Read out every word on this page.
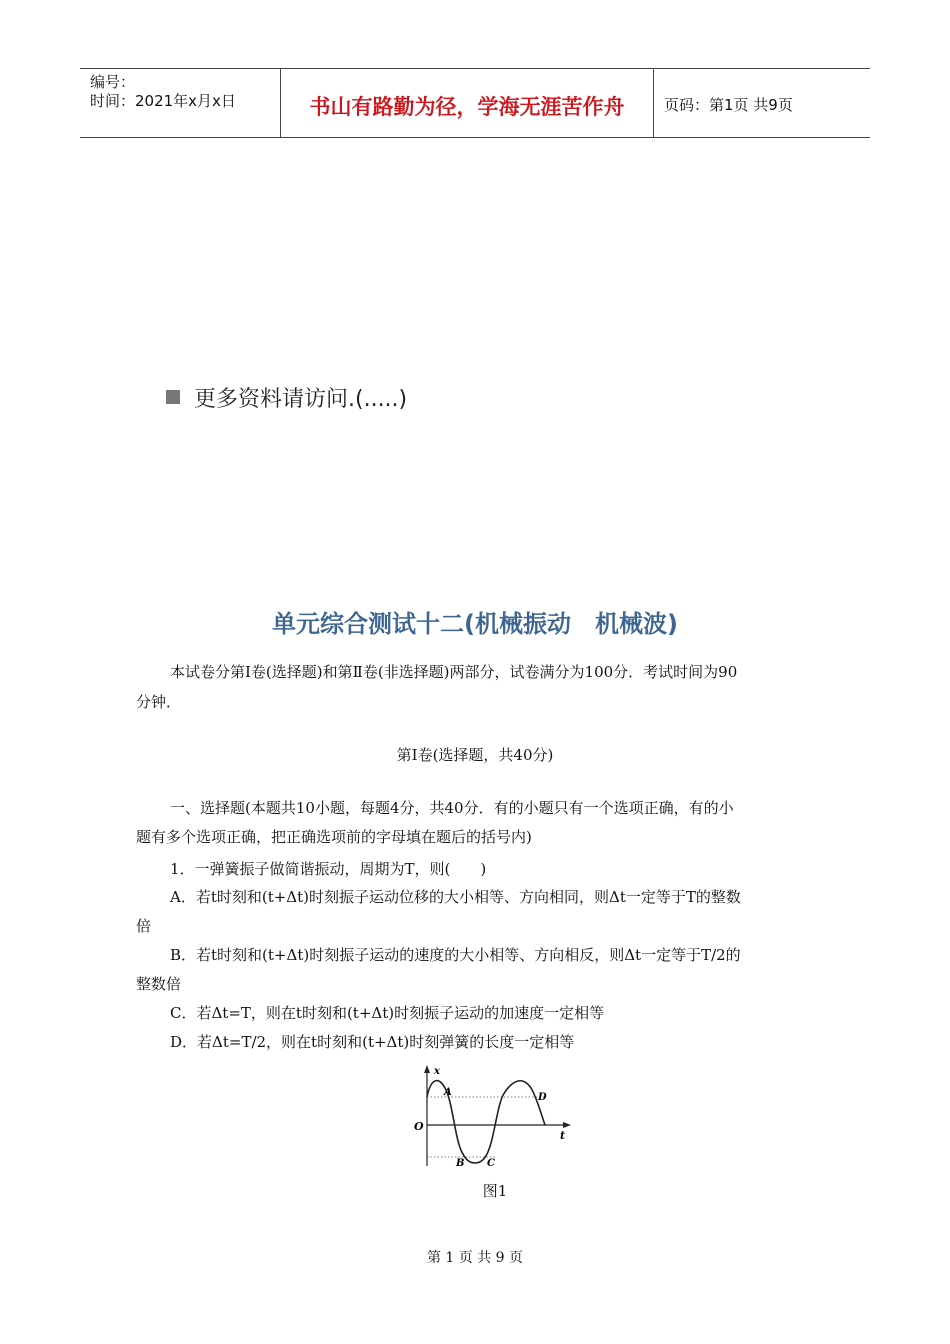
编号：
时间：2021年x月x日	书山有路勤为径，学海无涯苦作舟	页码：第1页 共9页
更多资料请访问.(.....)
单元综合测试十二(机械振动　机械波)
本试卷分第Ⅰ卷(选择题)和第Ⅱ卷(非选择题)两部分，试卷满分为100分．考试时间为90
分钟．
第Ⅰ卷(选择题，共40分)
一、选择题(本题共10小题，每题4分，共40分．有的小题只有一个选项正确，有的小
题有多个选项正确，把正确选项前的字母填在题后的括号内)
1．一弹簧振子做简谐振动，周期为T，则(　　)
A．若t时刻和(t+Δt)时刻振子运动位移的大小相等、方向相同，则Δt一定等于T的整数
倍
B．若t时刻和(t+Δt)时刻振子运动的速度的大小相等、方向相反，则Δt一定等于T/2的
整数倍
C．若Δt=T，则在t时刻和(t+Δt)时刻振子运动的加速度一定相等
D．若Δt=T/2，则在t时刻和(t+Δt)时刻弹簧的长度一定相等
x
t
O
A
B C
D
图1
第 1 页 共 9 页
